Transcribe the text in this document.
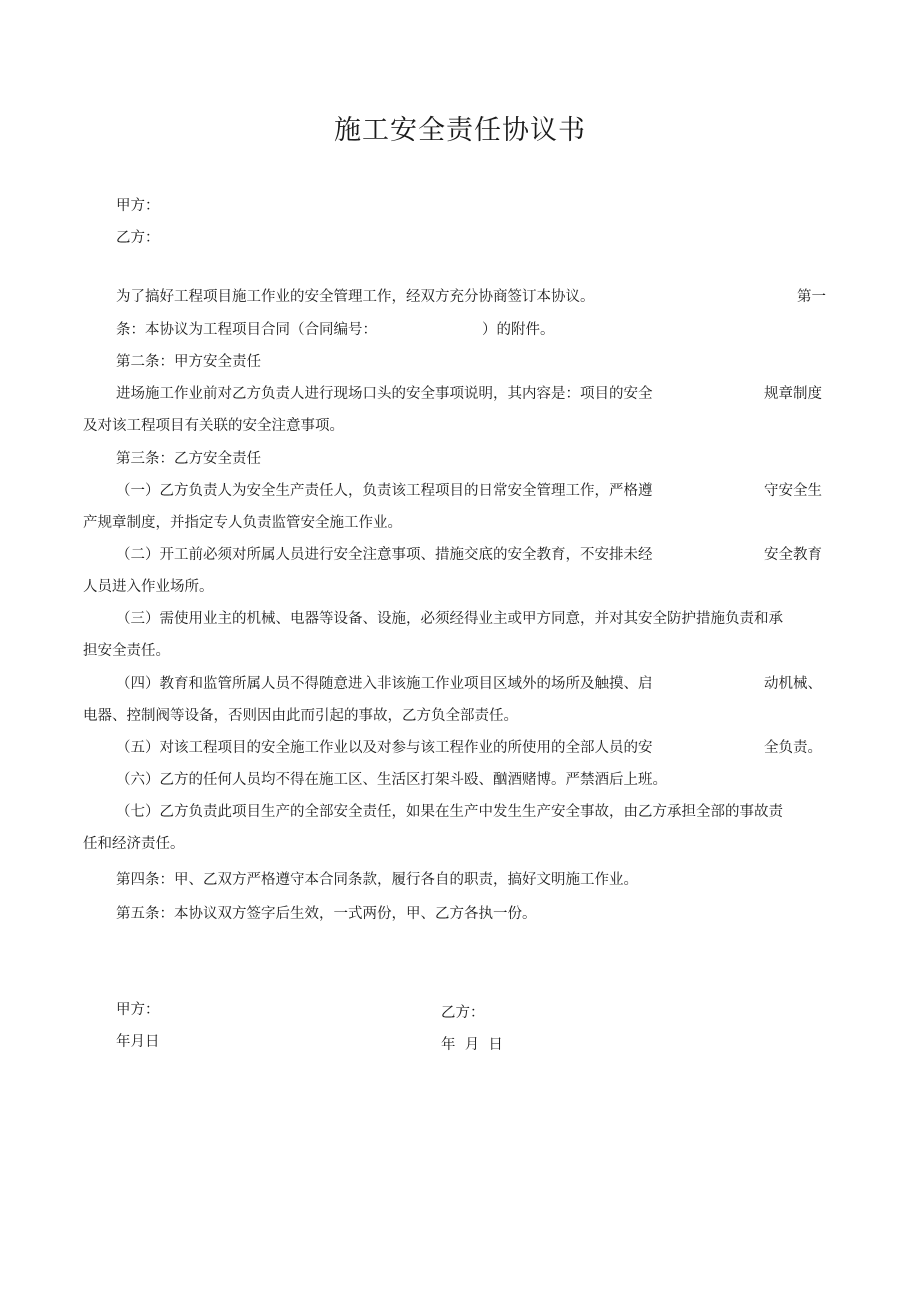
施工安全责任协议书
甲方：
乙方：
为了搞好工程项目施工作业的安全管理工作，经双方充分协商签订本协议。	第一
条：本协议为工程项目合同（合同编号：	）的附件。
第二条：甲方安全责任
进场施工作业前对乙方负责人进行现场口头的安全事项说明，其内容是：项目的安全	规章制度
及对该工程项目有关联的安全注意事项。
第三条：乙方安全责任
（一）乙方负责人为安全生产责任人，负责该工程项目的日常安全管理工作，严格遵	守安全生
产规章制度，并指定专人负责监管安全施工作业。
（二）开工前必须对所属人员进行安全注意事项、措施交底的安全教育，不安排未经	安全教育
人员进入作业场所。
（三）需使用业主的机械、电器等设备、设施，必须经得业主或甲方同意，并对其安全防护措施负责和承
担安全责任。
（四）教育和监管所属人员不得随意进入非该施工作业项目区域外的场所及触摸、启	动机械、
电器、控制阀等设备，否则因由此而引起的事故，乙方负全部责任。
（五）对该工程项目的安全施工作业以及对参与该工程作业的所使用的全部人员的安	全负责。
（六）乙方的任何人员均不得在施工区、生活区打架斗殴、酗酒赌博。严禁酒后上班。
（七）乙方负责此项目生产的全部安全责任，如果在生产中发生生产安全事故，由乙方承担全部的事故责
任和经济责任。
第四条：甲、乙双方严格遵守本合同条款，履行各自的职责，搞好文明施工作业。
第五条：本协议双方签字后生效，一式两份，甲、乙方各执一份。
甲方：	乙方：
年月日	年  月  日
